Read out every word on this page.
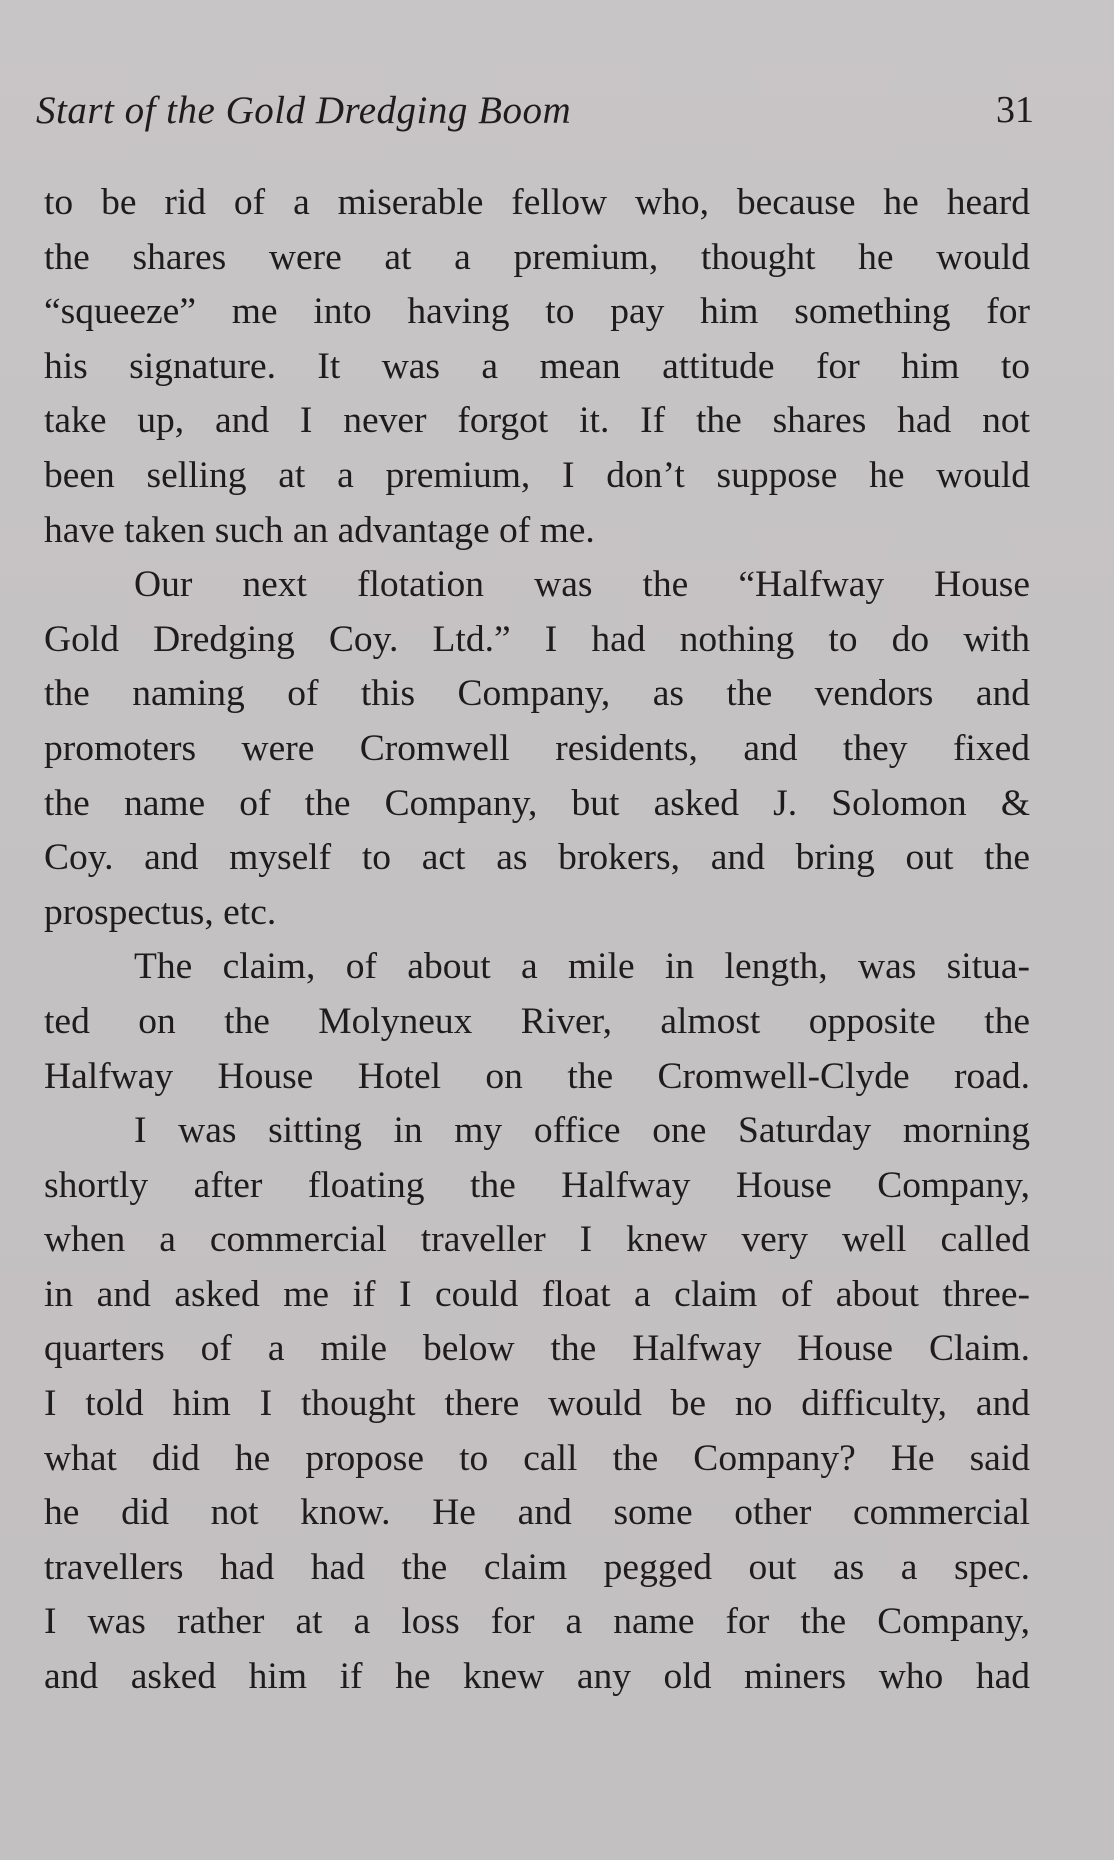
Start of the Gold Dredging Boom	31
to be rid of a miserable fellow who, because he heard
the shares were at a premium, thought he would
“squeeze” me into having to pay him something for
his signature. It was a mean attitude for him to
take up, and I never forgot it. If the shares had not
been selling at a premium, I don’t suppose he would
have taken such an advantage of me.
Our next flotation was the “Halfway House
Gold Dredging Coy. Ltd.” I had nothing to do with
the naming of this Company, as the vendors and
promoters were Cromwell residents, and they fixed
the name of the Company, but asked J. Solomon &
Coy. and myself to act as brokers, and bring out the
prospectus, etc.
The claim, of about a mile in length, was situa-
ted on the Molyneux River, almost opposite the
Halfway House Hotel on the Cromwell-Clyde road.
I was sitting in my office one Saturday morning
shortly after floating the Halfway House Company,
when a commercial traveller I knew very well called
in and asked me if I could float a claim of about three-
quarters of a mile below the Halfway House Claim.
I told him I thought there would be no difficulty, and
what did he propose to call the Company? He said
he did not know. He and some other commercial
travellers had had the claim pegged out as a spec.
I was rather at a loss for a name for the Company,
and asked him if he knew any old miners who had
